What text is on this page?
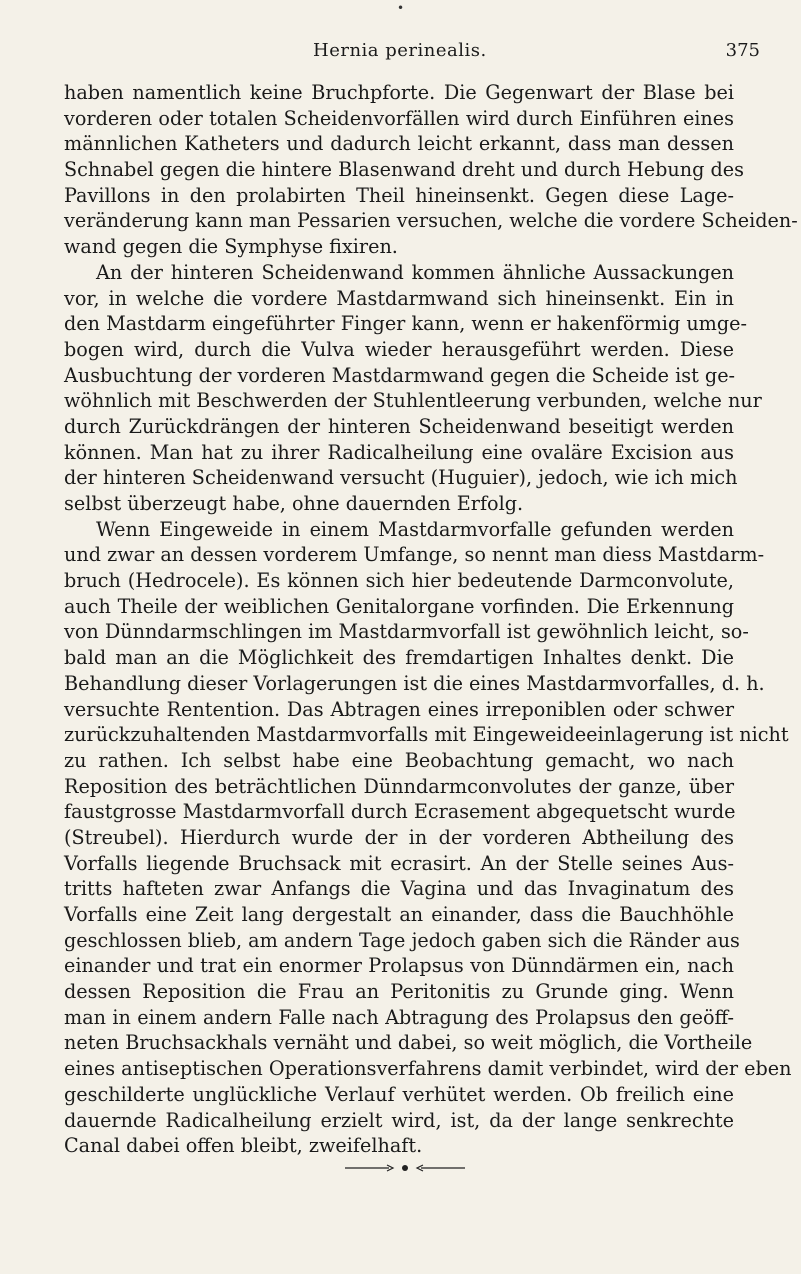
•
Hernia perinealis.	375
haben namentlich keine Bruchpforte. Die Gegenwart der Blase bei
vorderen oder totalen Scheidenvorfällen wird durch Einführen eines
männlichen Katheters und dadurch leicht erkannt, dass man dessen
Schnabel gegen die hintere Blasenwand dreht und durch Hebung des
Pavillons in den prolabirten Theil hineinsenkt. Gegen diese Lage-
veränderung kann man Pessarien versuchen, welche die vordere Scheiden-
wand gegen die Symphyse fixiren.
An der hinteren Scheidenwand kommen ähnliche Aussackungen
vor, in welche die vordere Mastdarmwand sich hineinsenkt. Ein in
den Mastdarm eingeführter Finger kann, wenn er hakenförmig umge-
bogen wird, durch die Vulva wieder herausgeführt werden. Diese
Ausbuchtung der vorderen Mastdarmwand gegen die Scheide ist ge-
wöhnlich mit Beschwerden der Stuhlentleerung verbunden, welche nur
durch Zurückdrängen der hinteren Scheidenwand beseitigt werden
können. Man hat zu ihrer Radicalheilung eine ovaläre Excision aus
der hinteren Scheidenwand versucht (Huguier), jedoch, wie ich mich
selbst überzeugt habe, ohne dauernden Erfolg.
Wenn Eingeweide in einem Mastdarmvorfalle gefunden werden
und zwar an dessen vorderem Umfange, so nennt man diess Mastdarm-
bruch (Hedrocele). Es können sich hier bedeutende Darmconvolute,
auch Theile der weiblichen Genitalorgane vorfinden. Die Erkennung
von Dünndarmschlingen im Mastdarmvorfall ist gewöhnlich leicht, so-
bald man an die Möglichkeit des fremdartigen Inhaltes denkt. Die
Behandlung dieser Vorlagerungen ist die eines Mastdarmvorfalles, d. h.
versuchte Rentention. Das Abtragen eines irreponiblen oder schwer
zurückzuhaltenden Mastdarmvorfalls mit Eingeweideeinlagerung ist nicht
zu rathen. Ich selbst habe eine Beobachtung gemacht, wo nach
Reposition des beträchtlichen Dünndarmconvolutes der ganze, über
faustgrosse Mastdarmvorfall durch Ecrasement abgequetscht wurde
(Streubel). Hierdurch wurde der in der vorderen Abtheilung des
Vorfalls liegende Bruchsack mit ecrasirt. An der Stelle seines Aus-
tritts hafteten zwar Anfangs die Vagina und das Invaginatum des
Vorfalls eine Zeit lang dergestalt an einander, dass die Bauchhöhle
geschlossen blieb, am andern Tage jedoch gaben sich die Ränder aus
einander und trat ein enormer Prolapsus von Dünndärmen ein, nach
dessen Reposition die Frau an Peritonitis zu Grunde ging. Wenn
man in einem andern Falle nach Abtragung des Prolapsus den geöff-
neten Bruchsackhals vernäht und dabei, so weit möglich, die Vortheile
eines antiseptischen Operationsverfahrens damit verbindet, wird der eben
geschilderte unglückliche Verlauf verhütet werden. Ob freilich eine
dauernde Radicalheilung erzielt wird, ist, da der lange senkrechte
Canal dabei offen bleibt, zweifelhaft.
